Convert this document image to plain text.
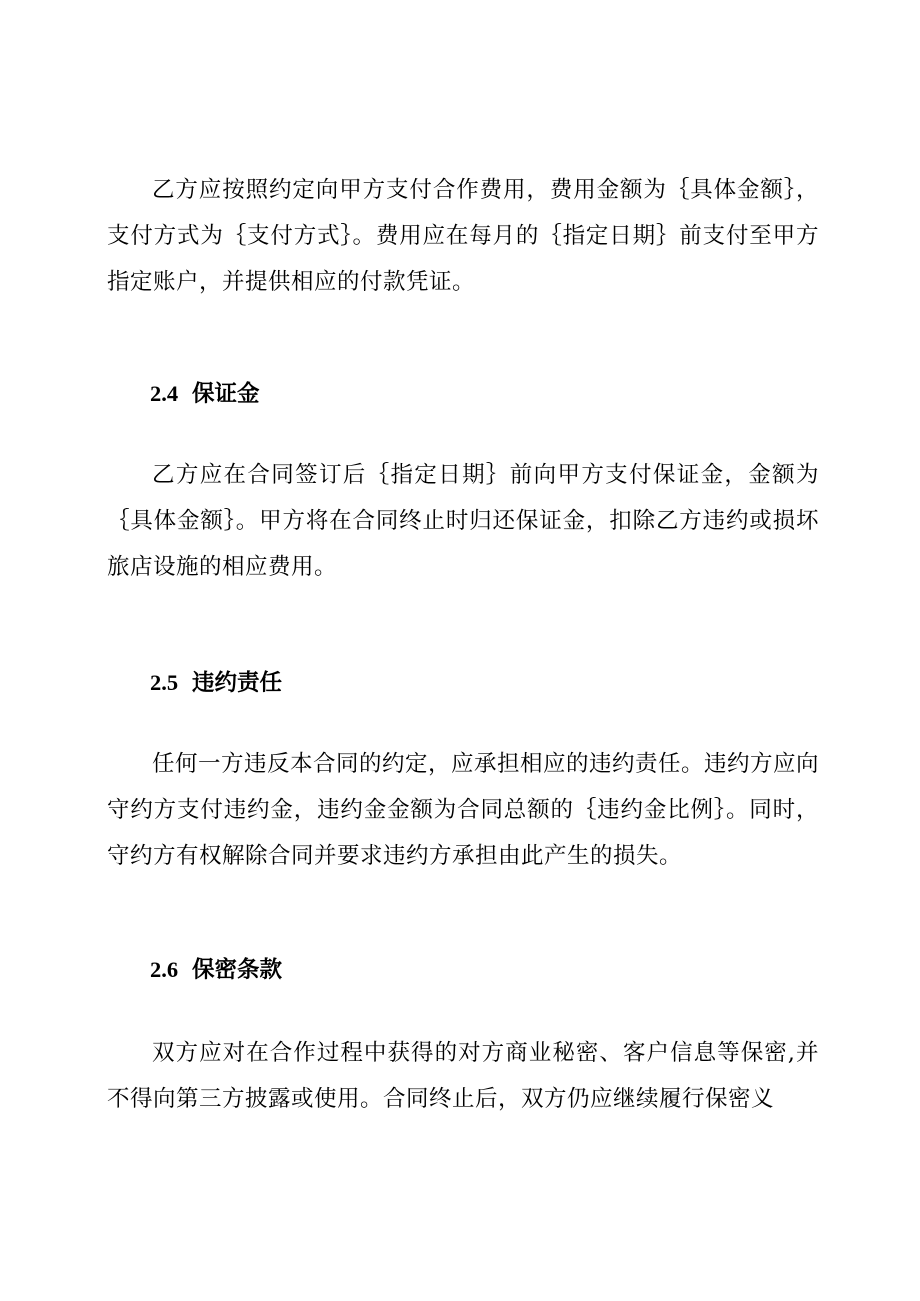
乙方应按照约定向甲方支付合作费用，费用金额为｛具体金额｝，支付方式为｛支付方式｝。费用应在每月的｛指定日期｝前支付至甲方指定账户，并提供相应的付款凭证。

2.4 保证金

乙方应在合同签订后｛指定日期｝前向甲方支付保证金，金额为｛具体金额｝。甲方将在合同终止时归还保证金，扣除乙方违约或损坏旅店设施的相应费用。

2.5 违约责任

任何一方违反本合同的约定，应承担相应的违约责任。违约方应向守约方支付违约金，违约金金额为合同总额的｛违约金比例｝。同时，守约方有权解除合同并要求违约方承担由此产生的损失。

2.6 保密条款

双方应对在合作过程中获得的对方商业秘密、客户信息等保密,并不得向第三方披露或使用。合同终止后，双方仍应继续履行保密义
